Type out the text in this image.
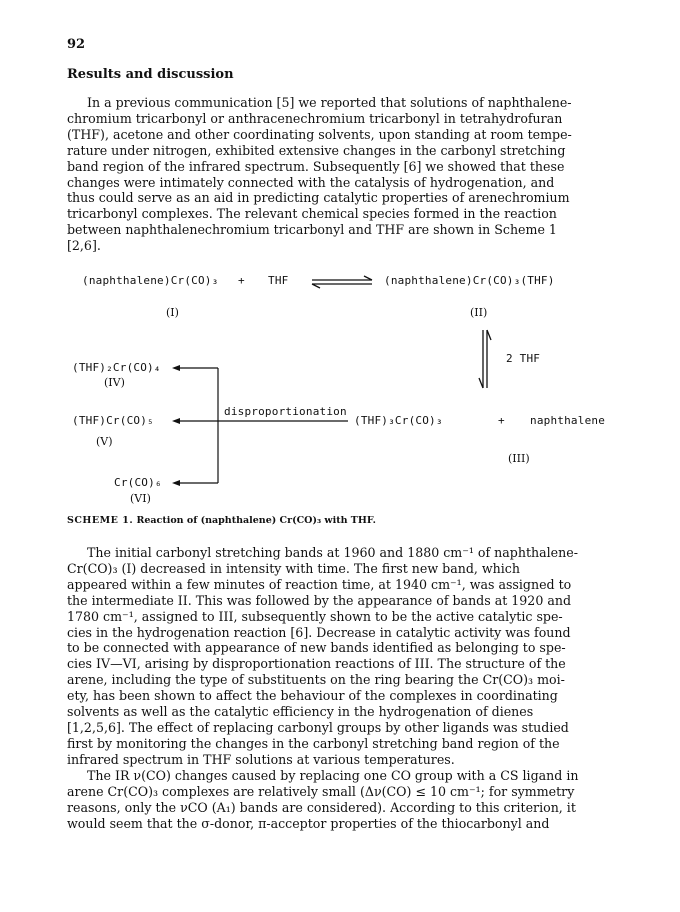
92
Results and discussion
In a previous communication [5] we reported that solutions of naphthalene-
chromium tricarbonyl or anthracenechromium tricarbonyl in tetrahydrofuran
(THF), acetone and other coordinating solvents, upon standing at room tempe-
rature under nitrogen, exhibited extensive changes in the carbonyl stretching
band region of the infrared spectrum. Subsequently [6] we showed that these
changes were intimately connected with the catalysis of hydrogenation, and
thus could serve as an aid in predicting catalytic properties of arenechromium
tricarbonyl complexes. The relevant chemical species formed in the reaction
between naphthalenechromium tricarbonyl and THF are shown in Scheme 1
[2,6].
(naphthalene)Cr(CO)₃ + THF	(naphthalene)Cr(CO)₃(THF)
(I)	(II)
2 THF
(THF)₂Cr(CO)₄
(IV)
(THF)Cr(CO)₅
(V)
disproportionation
(THF)₃Cr(CO)₃	+ naphthalene
(III)
Cr(CO)₆
(VI)
SCHEME 1. Reaction of (naphthalene) Cr(CO)₃ with THF.
The initial carbonyl stretching bands at 1960 and 1880 cm⁻¹ of naphthalene-
Cr(CO)₃ (I) decreased in intensity with time. The first new band, which
appeared within a few minutes of reaction time, at 1940 cm⁻¹, was assigned to
the intermediate II. This was followed by the appearance of bands at 1920 and
1780 cm⁻¹, assigned to III, subsequently shown to be the active catalytic spe-
cies in the hydrogenation reaction [6]. Decrease in catalytic activity was found
to be connected with appearance of new bands identified as belonging to spe-
cies IV—VI, arising by disproportionation reactions of III. The structure of the
arene, including the type of substituents on the ring bearing the Cr(CO)₃ moi-
ety, has been shown to affect the behaviour of the complexes in coordinating
solvents as well as the catalytic efficiency in the hydrogenation of dienes
[1,2,5,6]. The effect of replacing carbonyl groups by other ligands was studied
first by monitoring the changes in the carbonyl stretching band region of the
infrared spectrum in THF solutions at various temperatures.
The IR ν(CO) changes caused by replacing one CO group with a CS ligand in
arene Cr(CO)₃ complexes are relatively small (Δν(CO) ≤ 10 cm⁻¹; for symmetry
reasons, only the νCO (A₁) bands are considered). According to this criterion, it
would seem that the σ-donor, π-acceptor properties of the thiocarbonyl and
